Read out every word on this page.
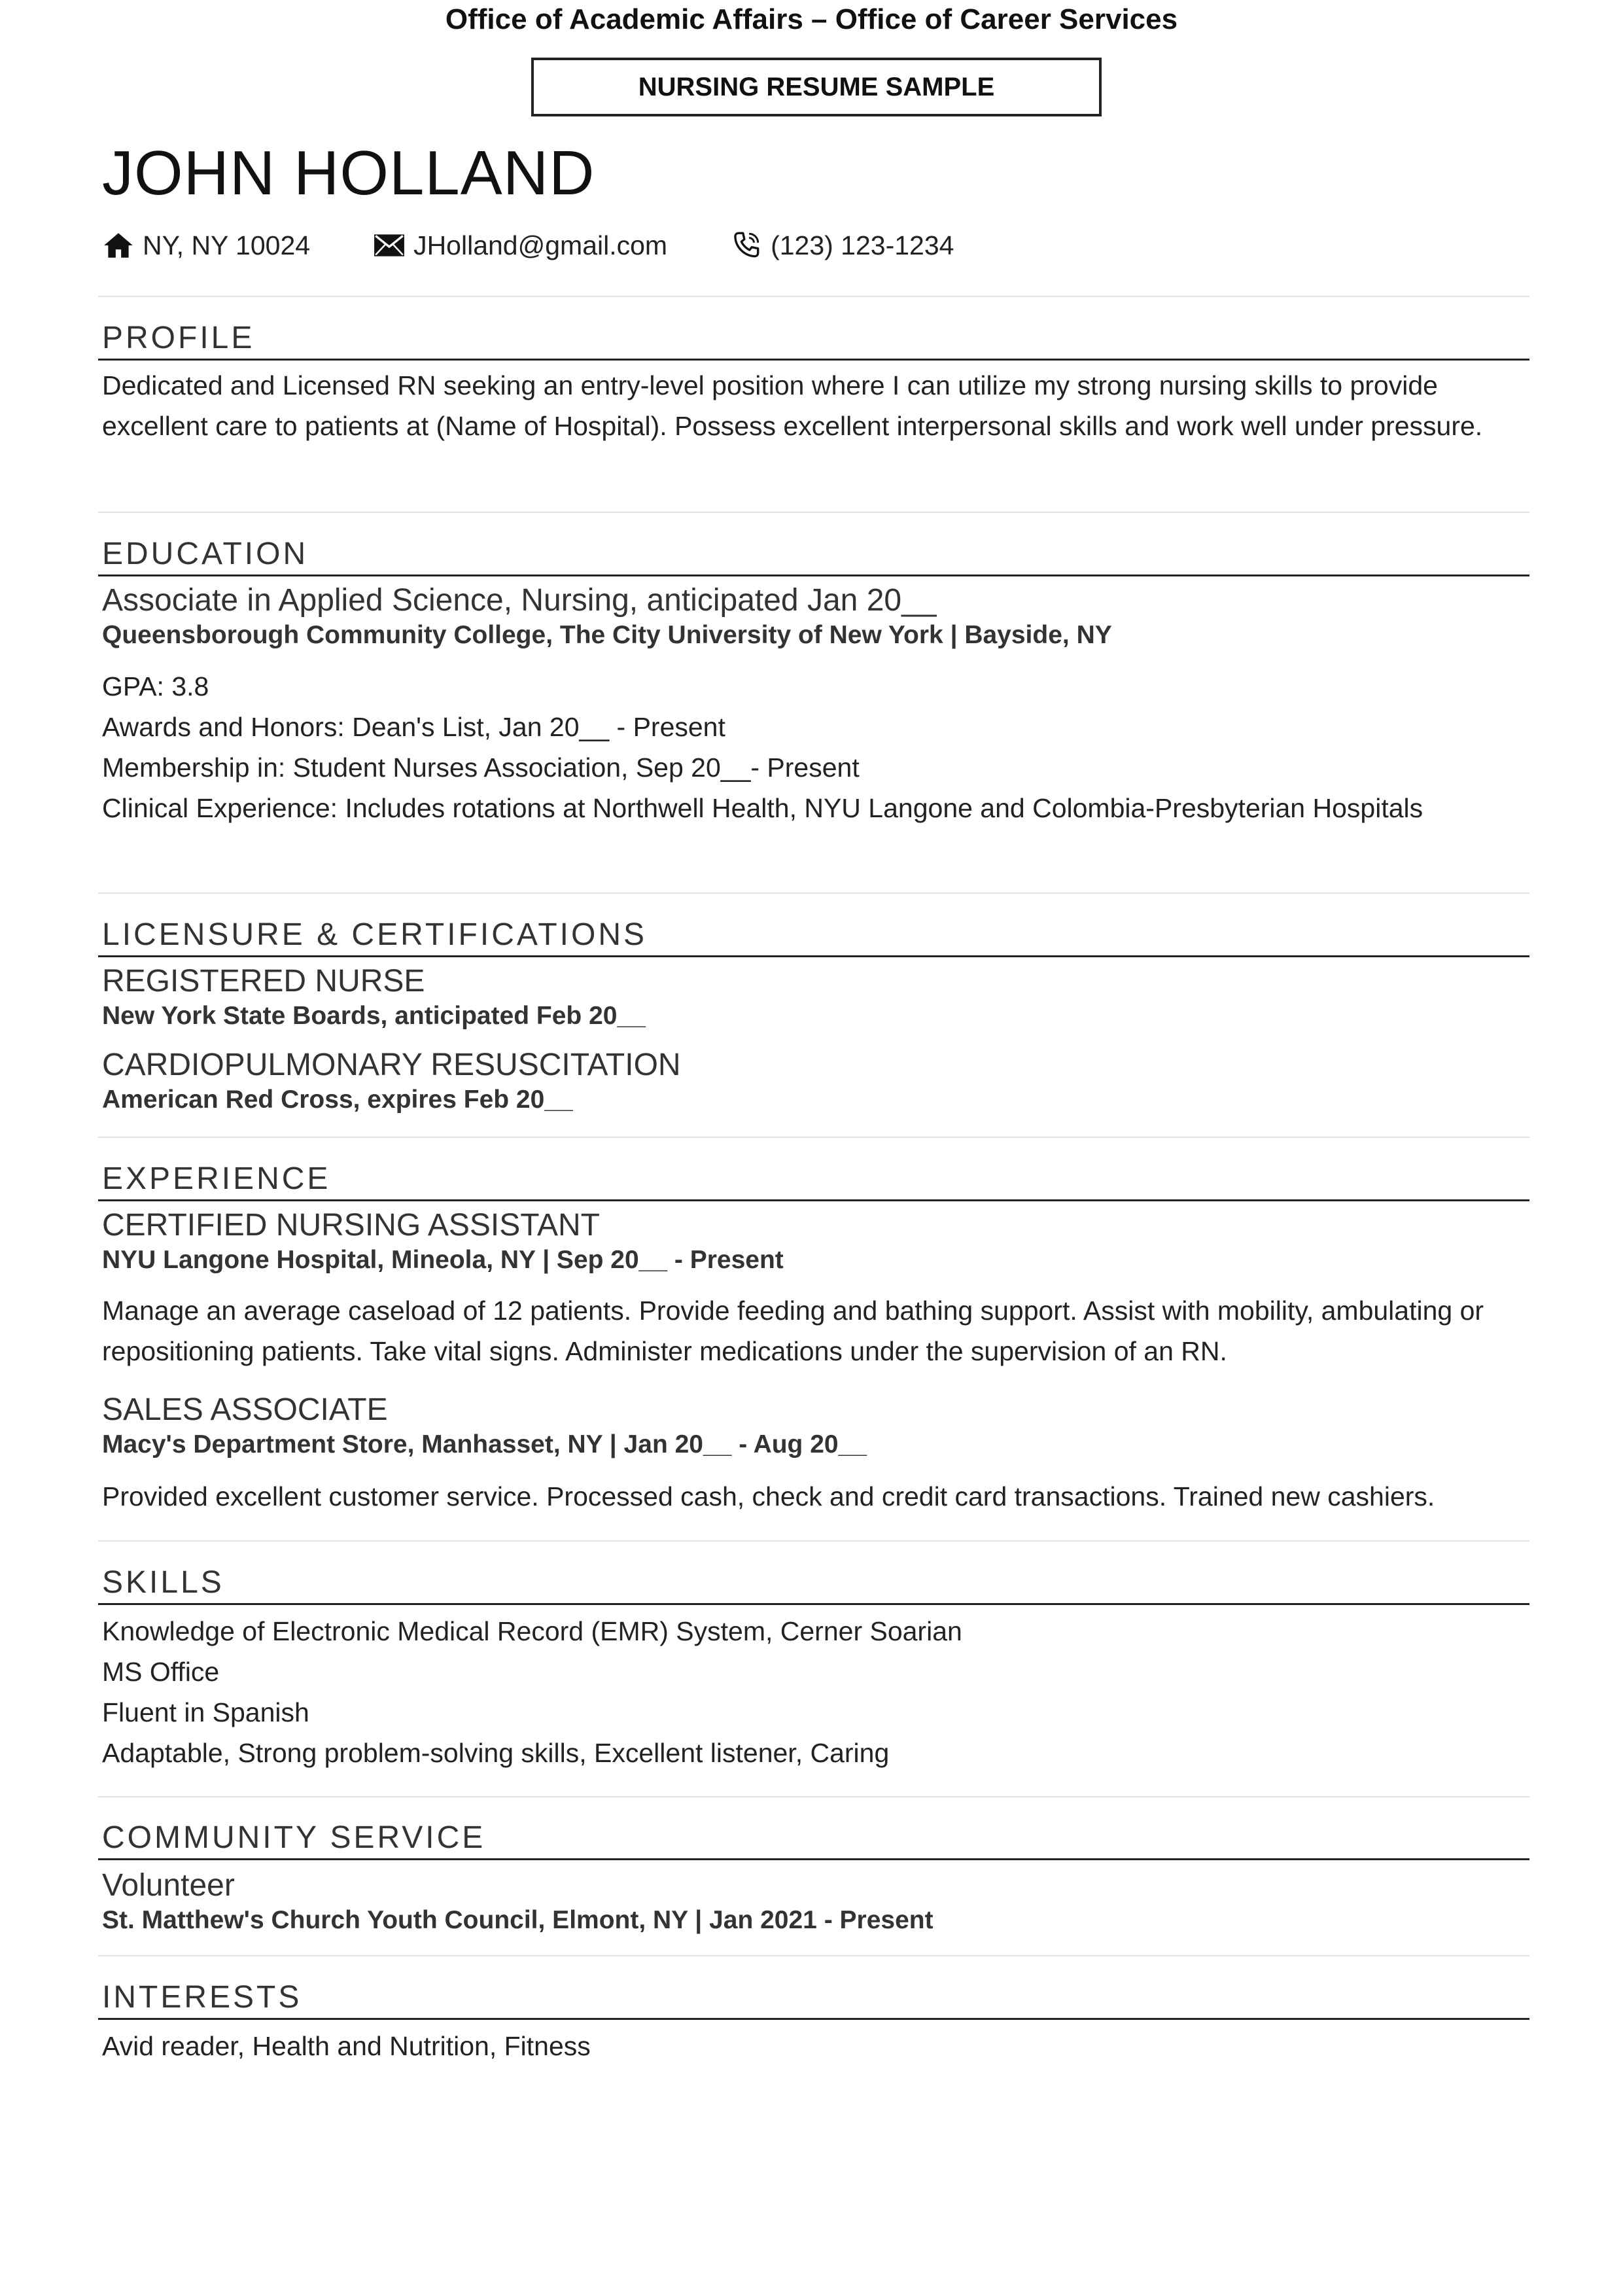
Office of Academic Affairs – Office of Career Services
NURSING RESUME SAMPLE
JOHN HOLLAND
NY, NY 10024	JHolland@gmail.com	(123) 123-1234
PROFILE
Dedicated and Licensed RN seeking an entry-level position where I can utilize my strong nursing skills to provide excellent care to patients at (Name of Hospital). Possess excellent interpersonal skills and work well under pressure.
EDUCATION
Associate in Applied Science, Nursing, anticipated Jan 20__
Queensborough Community College, The City University of New York | Bayside, NY
GPA: 3.8
Awards and Honors: Dean's List, Jan 20__ - Present
Membership in: Student Nurses Association, Sep 20__- Present
Clinical Experience: Includes rotations at Northwell Health, NYU Langone and Colombia-Presbyterian Hospitals
LICENSURE & CERTIFICATIONS
REGISTERED NURSE
New York State Boards, anticipated Feb 20__
CARDIOPULMONARY RESUSCITATION
American Red Cross, expires Feb 20__
EXPERIENCE
CERTIFIED NURSING ASSISTANT
NYU Langone Hospital, Mineola, NY | Sep 20__ - Present
Manage an average caseload of 12 patients. Provide feeding and bathing support. Assist with mobility, ambulating or repositioning patients. Take vital signs. Administer medications under the supervision of an RN.
SALES ASSOCIATE
Macy's Department Store, Manhasset, NY | Jan 20__ - Aug 20__
Provided excellent customer service. Processed cash, check and credit card transactions. Trained new cashiers.
SKILLS
Knowledge of Electronic Medical Record (EMR) System, Cerner Soarian
MS Office
Fluent in Spanish
Adaptable, Strong problem-solving skills, Excellent listener, Caring
COMMUNITY SERVICE
Volunteer
St. Matthew's Church Youth Council, Elmont, NY | Jan 2021 - Present
INTERESTS
Avid reader, Health and Nutrition, Fitness
